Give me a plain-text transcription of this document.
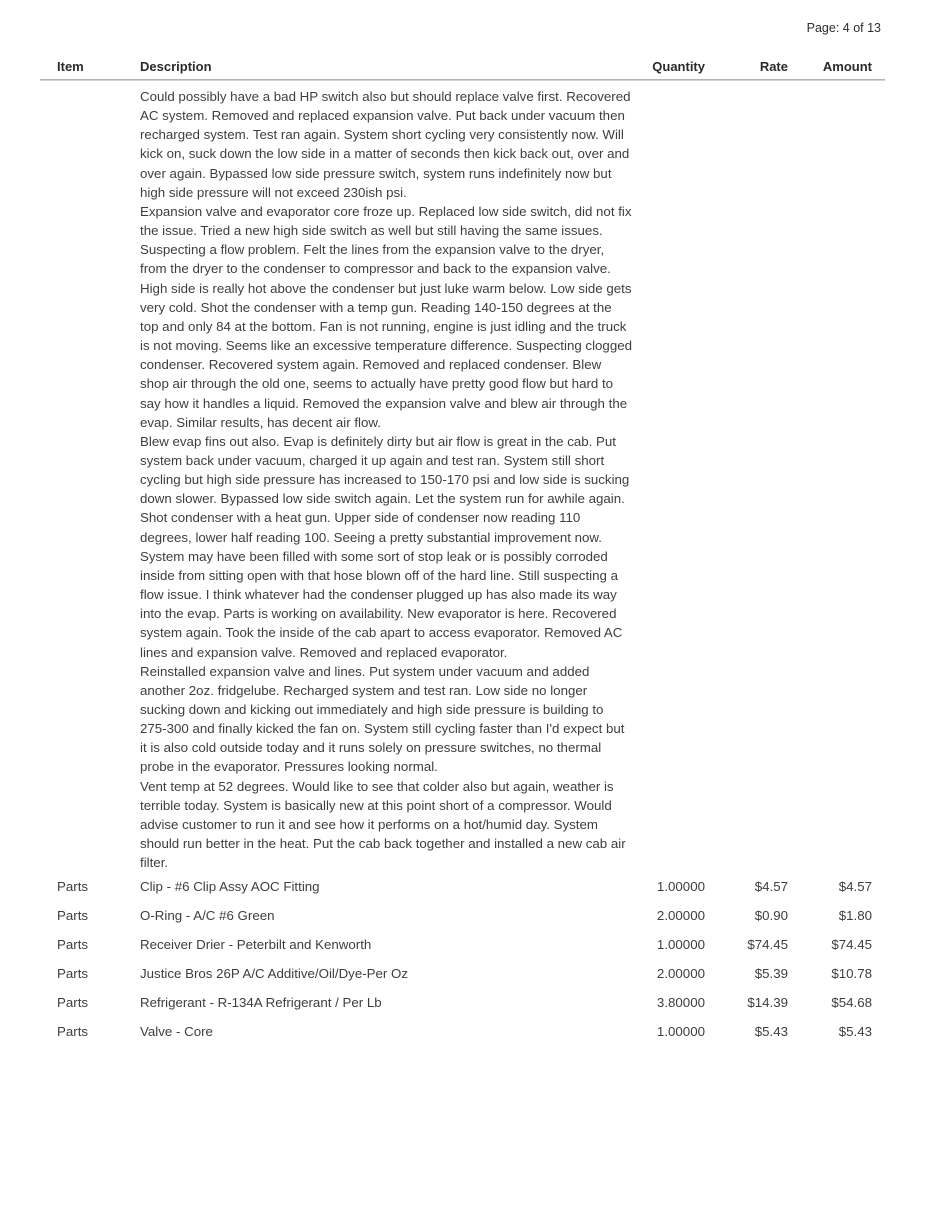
Page: 4 of 13
Item	Description	Quantity	Rate	Amount

Could possibly have a bad HP switch also but should replace valve first. Recovered AC system. Removed and replaced expansion valve. Put back under vacuum then recharged system. Test ran again. System short cycling very consistently now. Will kick on, suck down the low side in a matter of seconds then kick back out, over and over again. Bypassed low side pressure switch, system runs indefinitely now but high side pressure will not exceed 230ish psi.

Expansion valve and evaporator core froze up. Replaced low side switch, did not fix the issue. Tried a new high side switch as well but still having the same issues. Suspecting a flow problem. Felt the lines from the expansion valve to the dryer, from the dryer to the condenser to compressor and back to the expansion valve. High side is really hot above the condenser but just luke warm below. Low side gets very cold. Shot the condenser with a temp gun. Reading 140-150 degrees at the top and only 84 at the bottom. Fan is not running, engine is just idling and the truck is not moving. Seems like an excessive temperature difference. Suspecting clogged condenser. Recovered system again. Removed and replaced condenser. Blew shop air through the old one, seems to actually have pretty good flow but hard to say how it handles a liquid. Removed the expansion valve and blew air through the evap. Similar results, has decent air flow.

Blew evap fins out also. Evap is definitely dirty but air flow is great in the cab. Put system back under vacuum, charged it up again and test ran. System still short cycling but high side pressure has increased to 150-170 psi and low side is sucking down slower. Bypassed low side switch again. Let the system run for awhile again. Shot condenser with a heat gun. Upper side of condenser now reading 110 degrees, lower half reading 100. Seeing a pretty substantial improvement now.

System may have been filled with some sort of stop leak or is possibly corroded inside from sitting open with that hose blown off of the hard line. Still suspecting a flow issue. I think whatever had the condenser plugged up has also made its way into the evap. Parts is working on availability. New evaporator is here. Recovered system again. Took the inside of the cab apart to access evaporator. Removed AC lines and expansion valve. Removed and replaced evaporator.

Reinstalled expansion valve and lines. Put system under vacuum and added another 2oz. fridgelube. Recharged system and test ran. Low side no longer sucking down and kicking out immediately and high side pressure is building to 275-300 and finally kicked the fan on. System still cycling faster than I'd expect but it is also cold outside today and it runs solely on pressure switches, no thermal probe in the evaporator. Pressures looking normal.

Vent temp at 52 degrees. Would like to see that colder also but again, weather is terrible today. System is basically new at this point short of a compressor. Would advise customer to run it and see how it performs on a hot/humid day. System should run better in the heat. Put the cab back together and installed a new cab air filter.

Parts	Clip - #6 Clip Assy AOC Fitting	1.00000	$4.57	$4.57
Parts	O-Ring - A/C #6 Green	2.00000	$0.90	$1.80
Parts	Receiver Drier - Peterbilt and Kenworth	1.00000	$74.45	$74.45
Parts	Justice Bros 26P A/C Additive/Oil/Dye-Per Oz	2.00000	$5.39	$10.78
Parts	Refrigerant - R-134A Refrigerant / Per Lb	3.80000	$14.39	$54.68
Parts	Valve - Core	1.00000	$5.43	$5.43
